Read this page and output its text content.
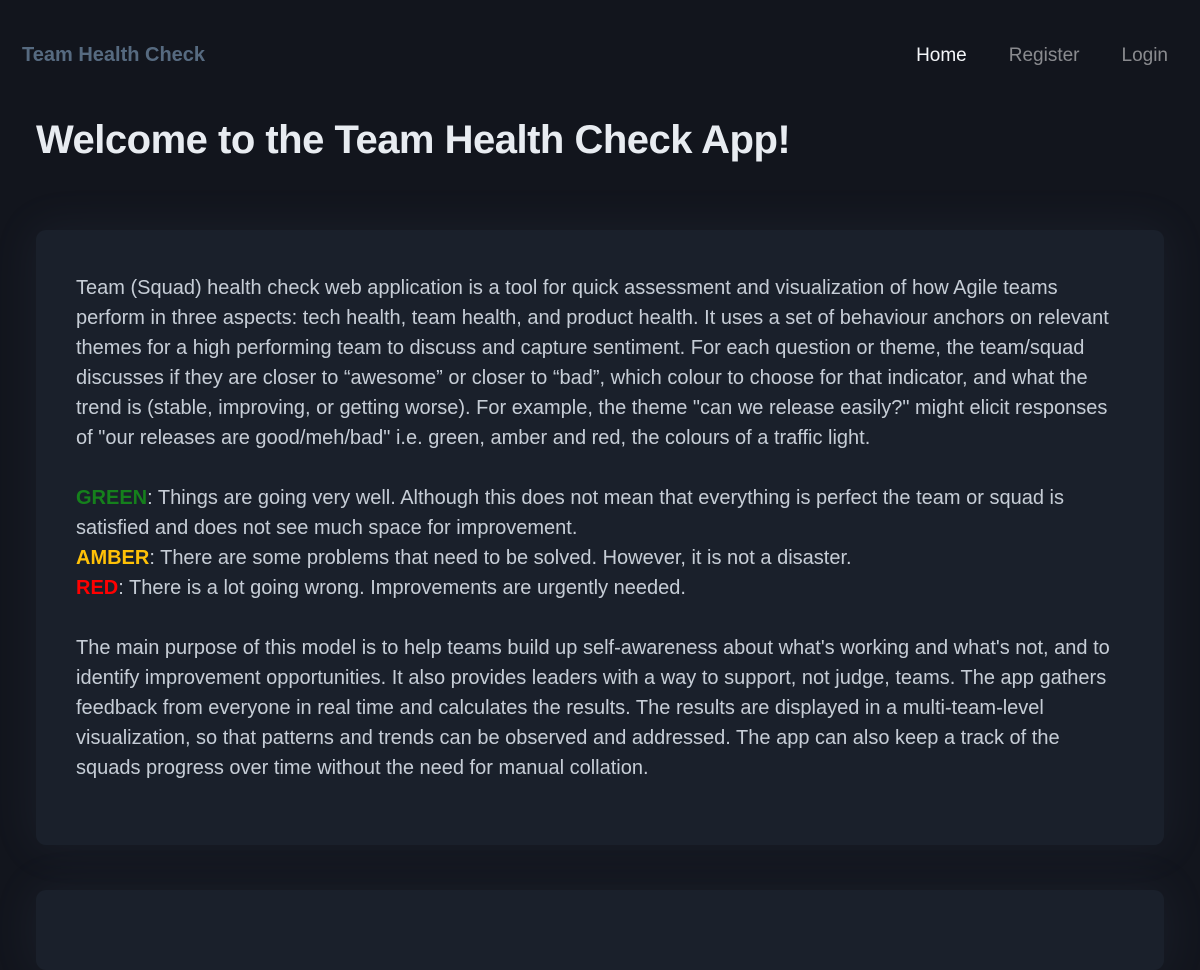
Team Health Check	Home Register Login
Welcome to the Team Health Check App!

Team (Squad) health check web application is a tool for quick assessment and visualization of how Agile teams perform in three aspects: tech health, team health, and product health. It uses a set of behaviour anchors on relevant themes for a high performing team to discuss and capture sentiment. For each question or theme, the team/squad discusses if they are closer to “awesome” or closer to “bad”, which colour to choose for that indicator, and what the trend is (stable, improving, or getting worse). For example, the theme "can we release easily?" might elicit responses of "our releases are good/meh/bad" i.e. green, amber and red, the colours of a traffic light.

GREEN: Things are going very well. Although this does not mean that everything is perfect the team or squad is satisfied and does not see much space for improvement.

AMBER: There are some problems that need to be solved. However, it is not a disaster.

RED: There is a lot going wrong. Improvements are urgently needed.

The main purpose of this model is to help teams build up self-awareness about what's working and what's not, and to identify improvement opportunities. It also provides leaders with a way to support, not judge, teams. The app gathers feedback from everyone in real time and calculates the results. The results are displayed in a multi-team-level visualization, so that patterns and trends can be observed and addressed. The app can also keep a track of the squads progress over time without the need for manual collation.
